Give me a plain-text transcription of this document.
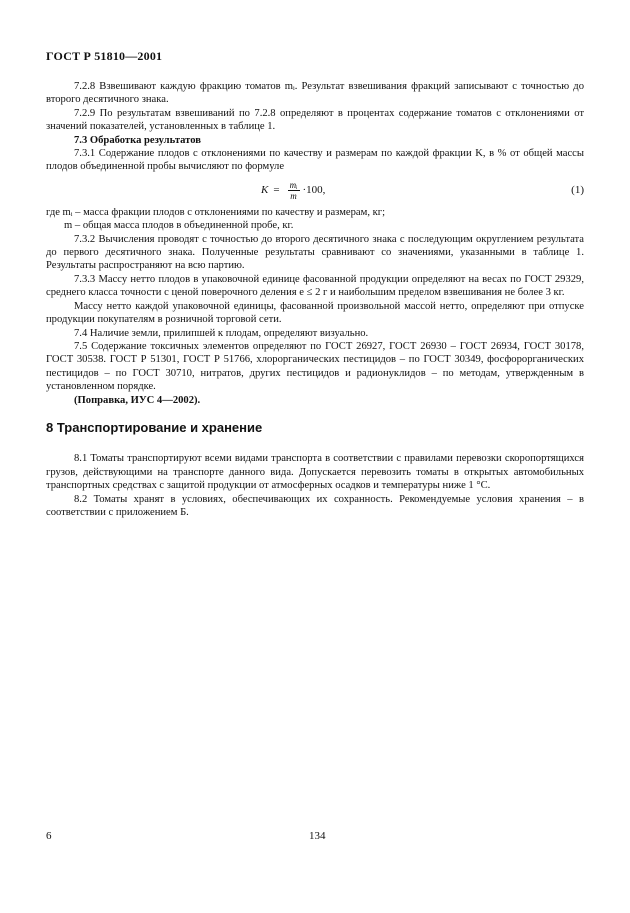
ГОСТ Р 51810—2001

7.2.8 Взвешивают каждую фракцию томатов mᵢ. Результат взвешивания фракций записывают с точностью до второго десятичного знака.

7.2.9 По результатам взвешиваний по 7.2.8 определяют в процентах содержание томатов с отклонениями от значений показателей, установленных в таблице 1.

7.3 Обработка результатов

7.3.1 Содержание плодов с отклонениями по качеству и размерам по каждой фракции K, в % от общей массы плодов объединенной пробы вычисляют по формуле

$K = \frac{\text{mᵢ}}{m} \cdot 100$,	(1)

где mᵢ – масса фракции плодов с отклонениями по качеству и размерам, кг;

m – общая масса плодов в объединенной пробе, кг.

7.3.2 Вычисления проводят с точностью до второго десятичного знака с последующим округлением результата до первого десятичного знака. Полученные результаты сравнивают со значениями, указанными в таблице 1. Результаты распространяют на всю партию.

7.3.3 Массу нетто плодов в упаковочной единице фасованной продукции определяют на весах по ГОСТ 29329, среднего класса точности с ценой поверочного деления e ≤ 2 г и наибольшим пределом взвешивания не более 3 кг.

Массу нетто каждой упаковочной единицы, фасованной произвольной массой нетто, определяют при отпуске продукции покупателям в розничной торговой сети.

7.4 Наличие земли, прилипшей к плодам, определяют визуально.

7.5 Содержание токсичных элементов определяют по ГОСТ 26927, ГОСТ 26930 – ГОСТ 26934, ГОСТ 30178, ГОСТ 30538. ГОСТ Р 51301, ГОСТ Р 51766, хлорорганических пестицидов – по ГОСТ 30349, фосфорорганических пестицидов – по ГОСТ 30710, нитратов, других пестицидов и радионуклидов – по методам, утвержденным в установленном порядке.

(Поправка, ИУС 4—2002).

8 Транспортирование и хранение

8.1 Томаты транспортируют всеми видами транспорта в соответствии с правилами перевозки скоропортящихся грузов, действующими на транспорте данного вида. Допускается перевозить томаты в открытых автомобильных транспортных средствах с защитой продукции от атмосферных осадков и температуры ниже 1 °С.

8.2 Томаты хранят в условиях, обеспечивающих их сохранность. Рекомендуемые условия хранения – в соответствии с приложением Б.

6	134
